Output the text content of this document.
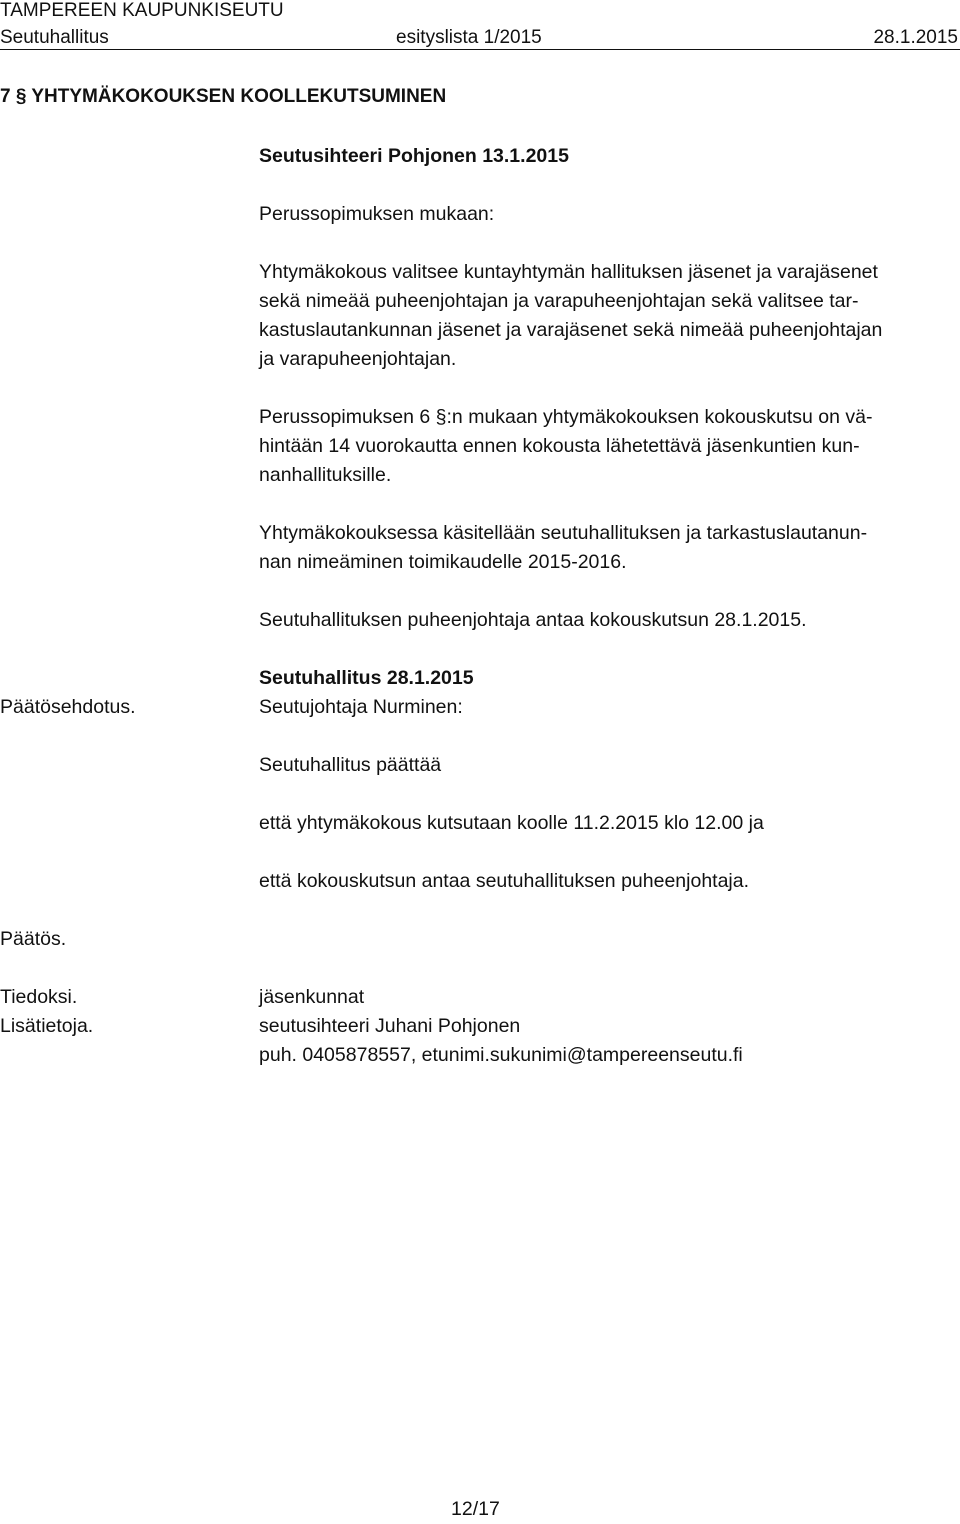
TAMPEREEN KAUPUNKISEUTU
Seutuhallitus	esityslista 1/2015	28.1.2015
7 § YHTYMÄKOKOUKSEN KOOLLEKUTSUMINEN
Seutusihteeri Pohjonen 13.1.2015
Perussopimuksen mukaan:
Yhtymäkokous valitsee kuntayhtymän hallituksen jäsenet ja varajäsenet
sekä nimeää puheenjohtajan ja varapuheenjohtajan sekä valitsee tar-
kastuslautankunnan jäsenet ja varajäsenet sekä nimeää puheenjohtajan
ja varapuheenjohtajan.
Perussopimuksen 6 §:n mukaan yhtymäkokouksen kokouskutsu on vä-
hintään 14 vuorokautta ennen kokousta lähetettävä jäsenkuntien kun-
nanhallituksille.
Yhtymäkokouksessa käsitellään seutuhallituksen ja tarkastuslautanun-
nan nimeäminen toimikaudelle 2015-2016.
Seutuhallituksen puheenjohtaja antaa kokouskutsun 28.1.2015.
Seutuhallitus 28.1.2015
Päätösehdotus.	Seutujohtaja Nurminen:
Seutuhallitus päättää
että yhtymäkokous kutsutaan koolle 11.2.2015 klo 12.00 ja
että kokouskutsun antaa seutuhallituksen puheenjohtaja.
Päätös.
Tiedoksi.	jäsenkunnat
Lisätietoja.	seutusihteeri Juhani Pohjonen
puh. 0405878557, etunimi.sukunimi@tampereenseutu.fi
12/17
